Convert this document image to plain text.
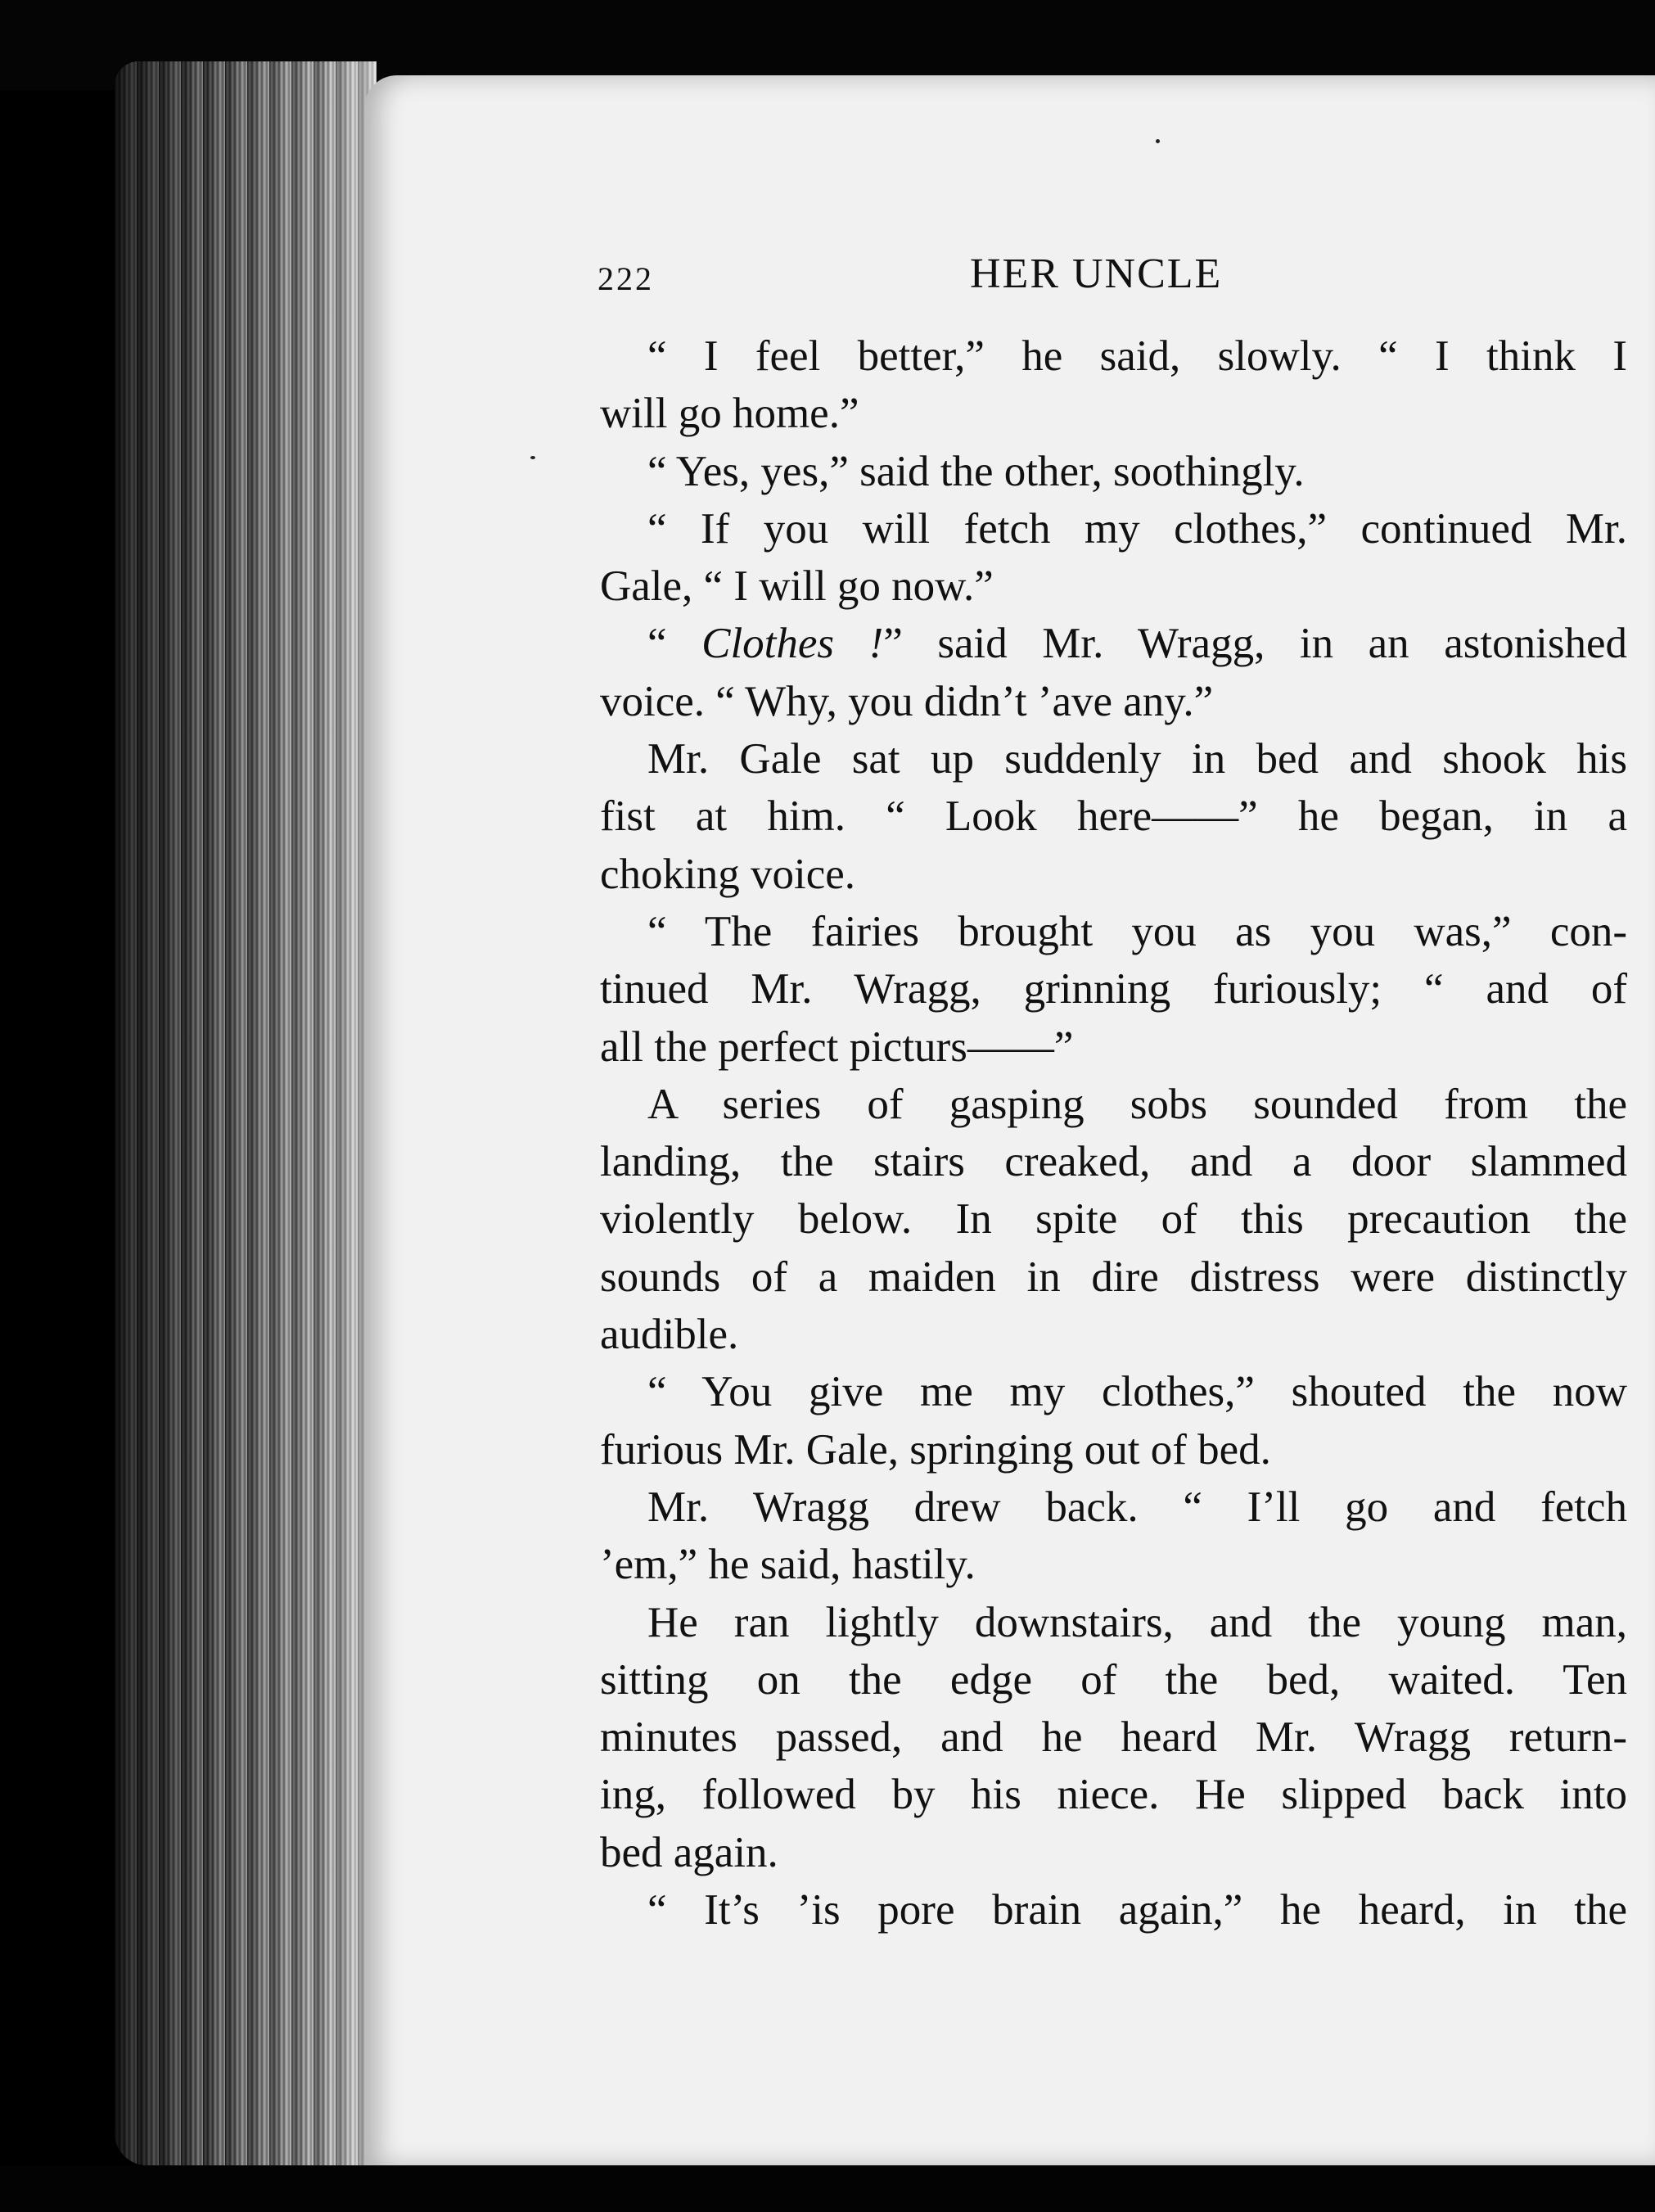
222	HER UNCLE
“ I feel better,” he said, slowly. “ I think I
will go home.”
“ Yes, yes,” said the other, soothingly.
“ If you will fetch my clothes,” continued Mr.
Gale, “ I will go now.”
“ Clothes !” said Mr. Wragg, in an astonished
voice. “ Why, you didn’t ’ave any.”
Mr. Gale sat up suddenly in bed and shook his
fist at him. “ Look here——” he began, in a
choking voice.
“ The fairies brought you as you was,” con-
tinued Mr. Wragg, grinning furiously; “ and of
all the perfect picturs——”
A series of gasping sobs sounded from the
landing, the stairs creaked, and a door slammed
violently below. In spite of this precaution the
sounds of a maiden in dire distress were distinctly
audible.
“ You give me my clothes,” shouted the now
furious Mr. Gale, springing out of bed.
Mr. Wragg drew back. “ I’ll go and fetch
’em,” he said, hastily.
He ran lightly downstairs, and the young man,
sitting on the edge of the bed, waited. Ten
minutes passed, and he heard Mr. Wragg return-
ing, followed by his niece. He slipped back into
bed again.
“ It’s ’is pore brain again,” he heard, in the
